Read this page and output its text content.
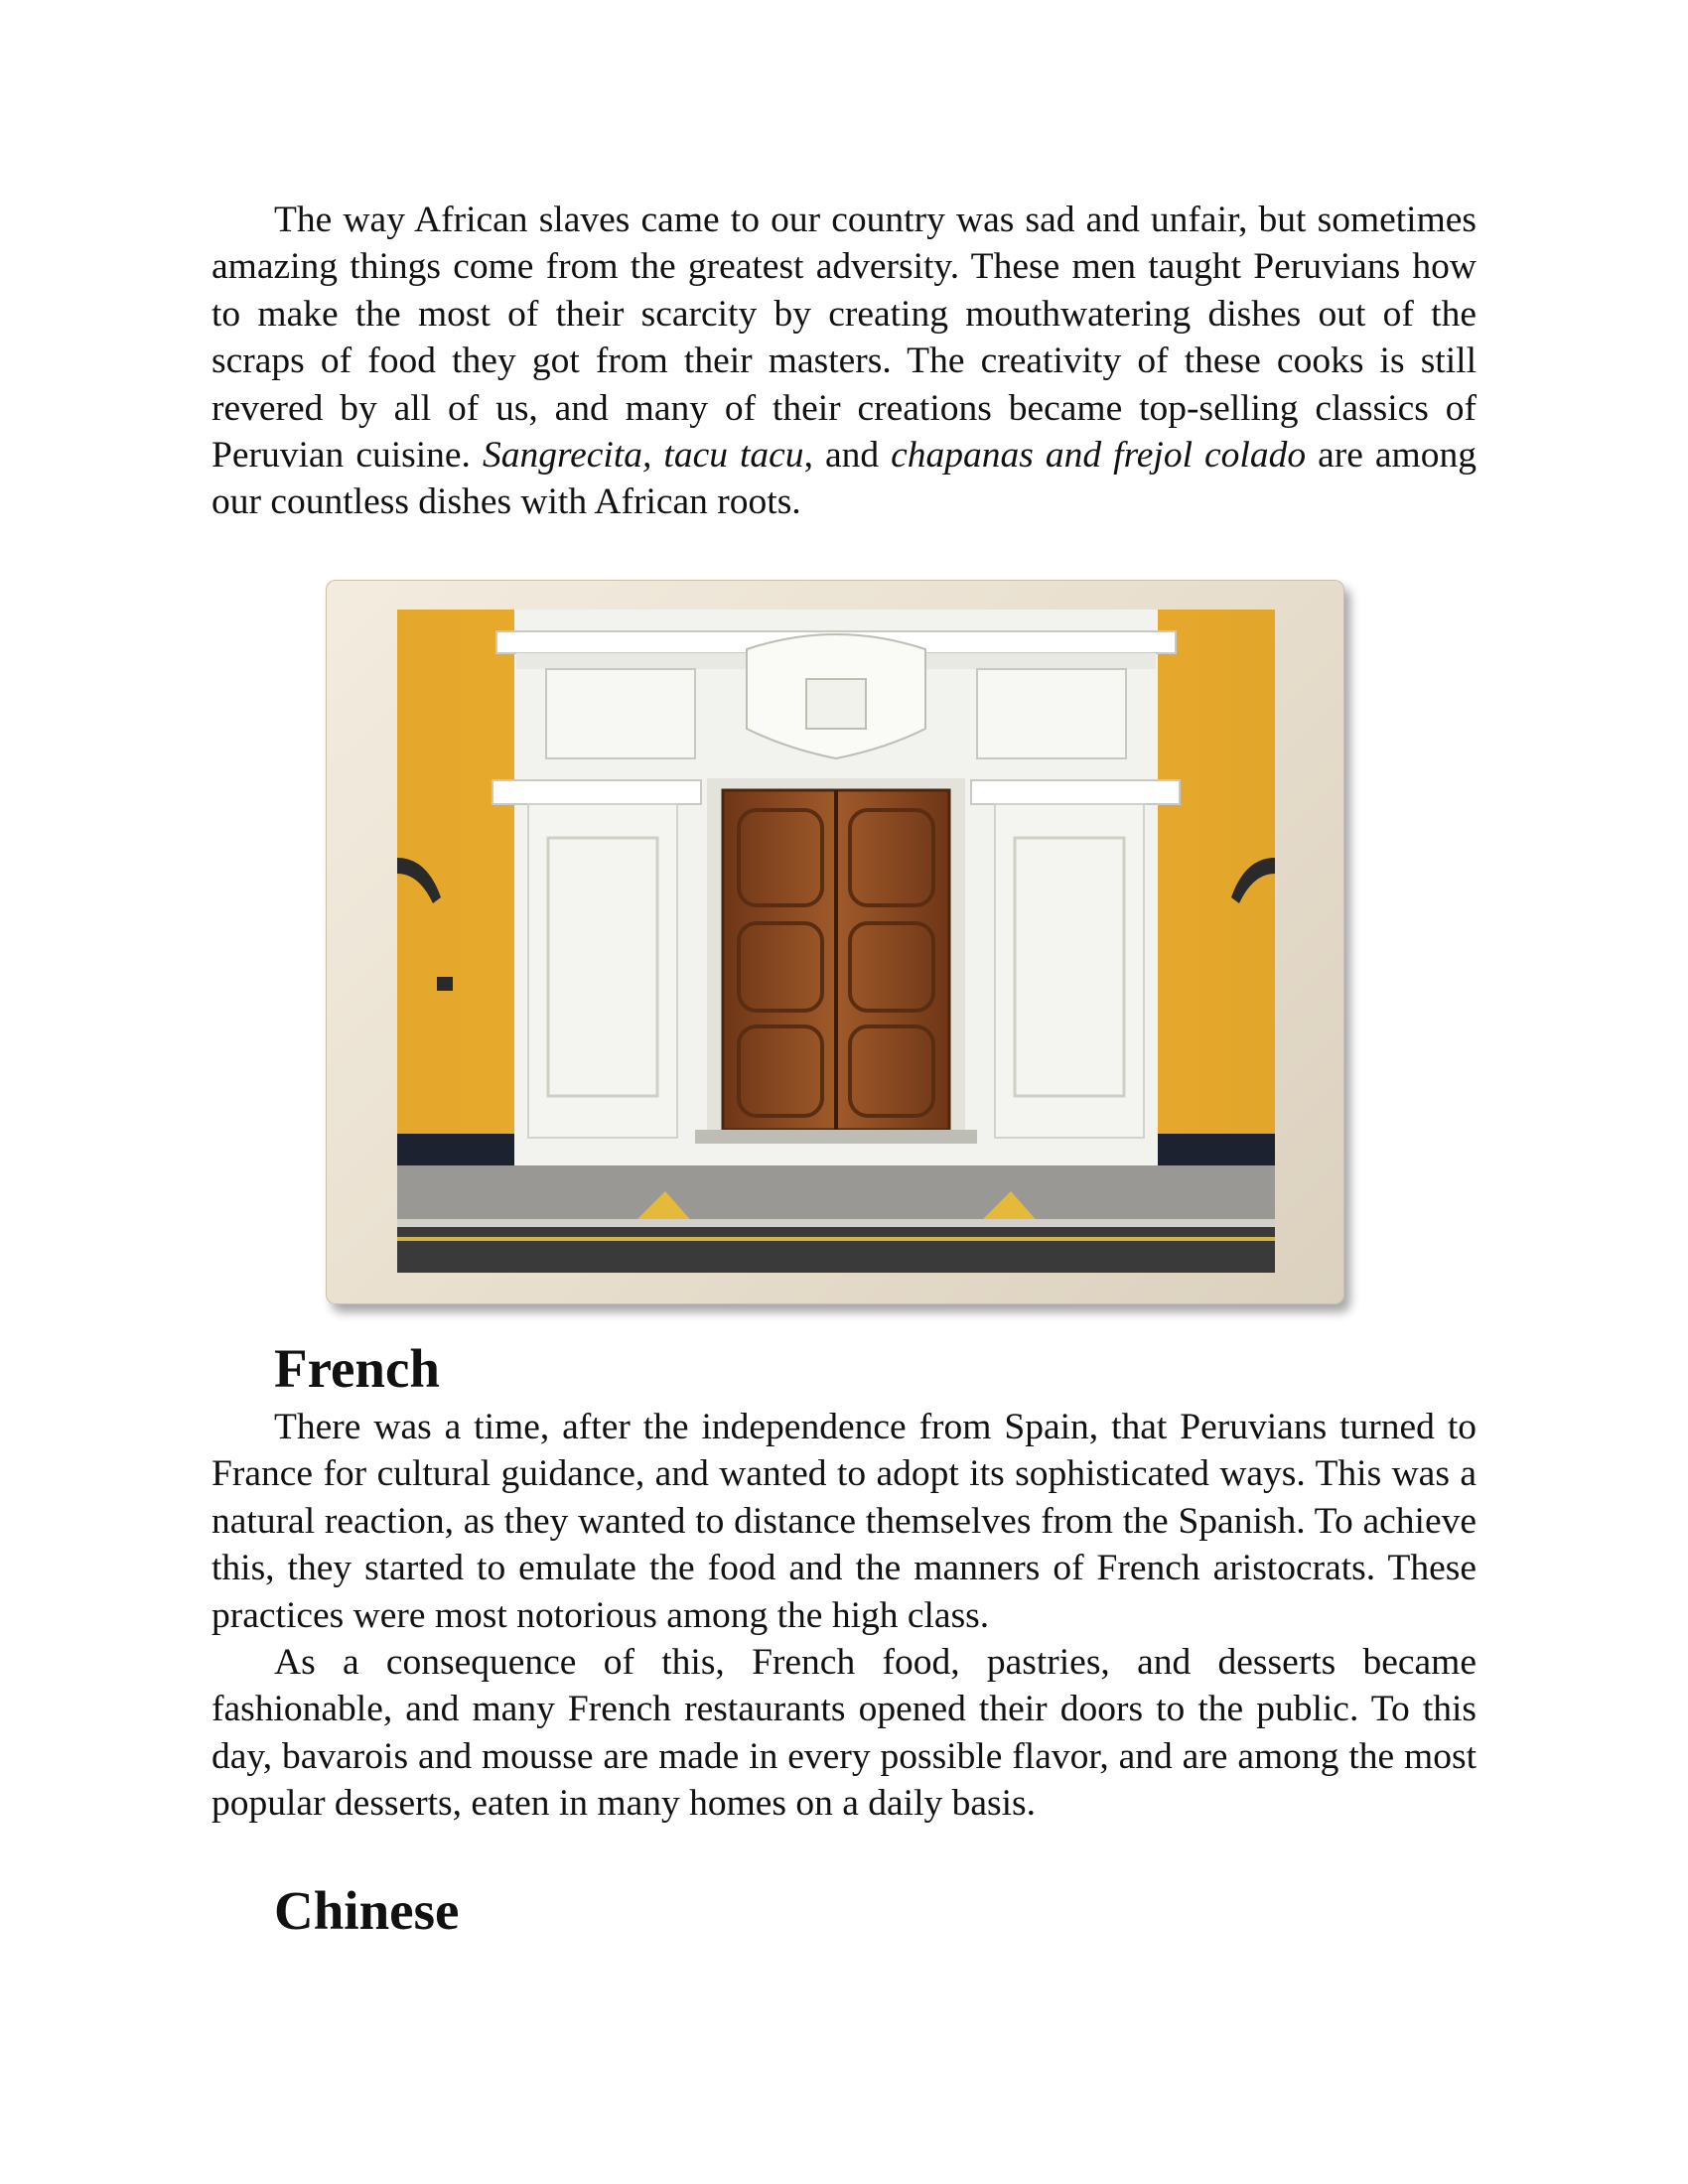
The way African slaves came to our country was sad and unfair, but sometimes amazing things come from the greatest adversity. These men taught Peruvians how to make the most of their scarcity by creating mouthwatering dishes out of the scraps of food they got from their masters. The creativity of these cooks is still revered by all of us, and many of their creations became top-selling classics of Peruvian cuisine. Sangrecita, tacu tacu, and chapanas and frejol colado are among our countless dishes with African roots.

French

There was a time, after the independence from Spain, that Peruvians turned to France for cultural guidance, and wanted to adopt its sophisticated ways. This was a natural reaction, as they wanted to distance themselves from the Spanish. To achieve this, they started to emulate the food and the manners of French aristocrats. These practices were most notorious among the high class.

As a consequence of this, French food, pastries, and desserts became fashionable, and many French restaurants opened their doors to the public. To this day, bavarois and mousse are made in every possible flavor, and are among the most popular desserts, eaten in many homes on a daily basis.

Chinese
